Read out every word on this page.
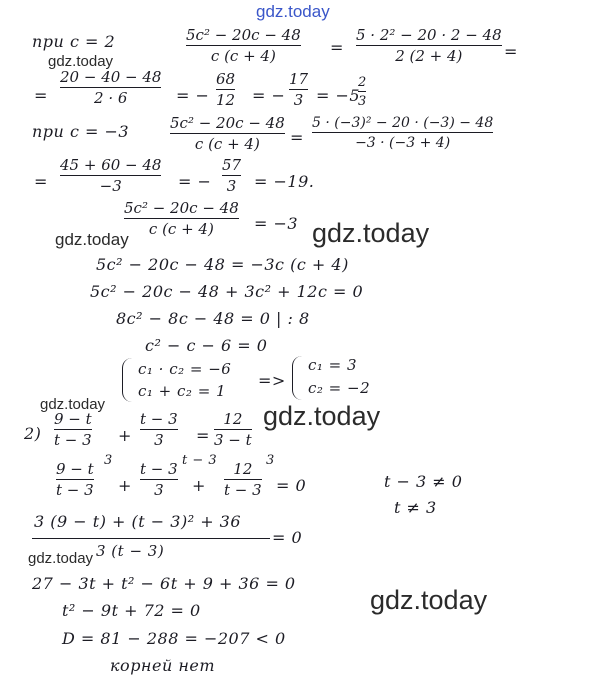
gdz.today
gdz.today
gdz.today	gdz.today
gdz.today	gdz.today
gdz.today
gdz.today
при c = 2	5c² − 20c − 48
c (c + 4)	=
5 · 2² − 20 · 2 − 48
2 (2 + 4)	=
=
20 − 40 − 48
2 · 6	= −
68
12 = −
17
3 = −5
2
3
при c = −3	5c² − 20c − 48
c (c + 4)	=
5 · (−3)² − 20 · (−3) − 48
−3 · (−3 + 4)
=
45 + 60 − 48
−3	= −
57
3 = −19.
5c² − 20c − 48
c (c + 4)	= −3
5c² − 20c − 48 = −3c (c + 4)
5c² − 20c − 48 + 3c² + 12c = 0
8c² − 8c − 48 = 0 | : 8
c² − c − 6 = 0
c₁ · c₂ = −6
c₁ + c₂ = 1
=>
c₁ = 3
c₂ = −2
2)
9 − t
t − 3 +
t − 3
3	=
12
3 − t
9 − t
t − 3
3
+
t − 3
3
t − 3
+
12
t − 3
3
= 0	t − 3 ≠ 0
t ≠ 3
3 (9 − t) + (t − 3)² + 36
3 (t − 3)
= 0
27 − 3t + t² − 6t + 9 + 36 = 0
t² − 9t + 72 = 0
D = 81 − 288 = −207 < 0
корней нет
